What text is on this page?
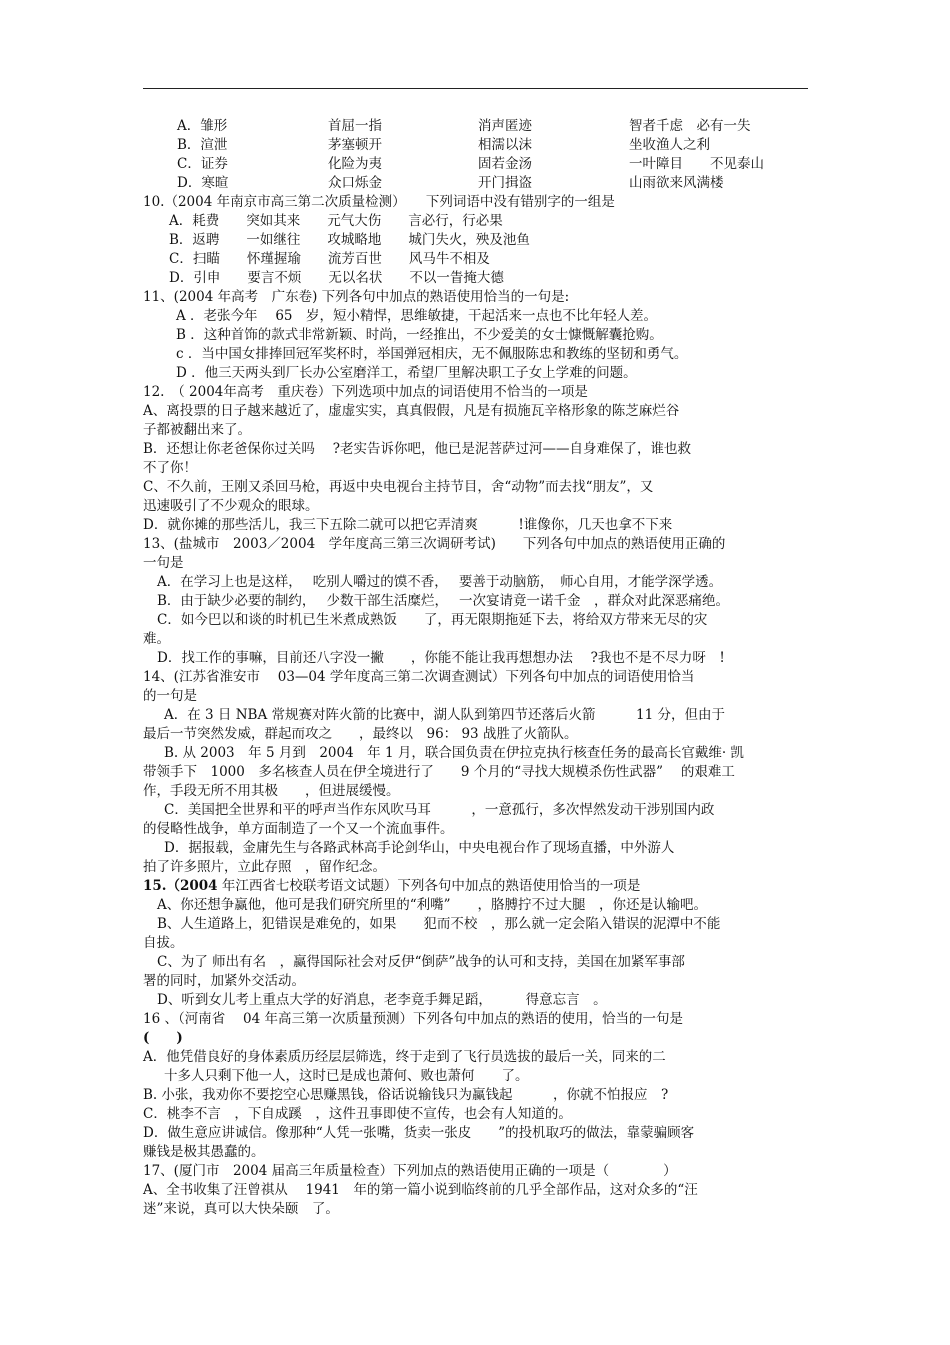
A．雏形	首屈一指	消声匿迹	智者千虑　必有一失
B．渲泄	茅塞顿开	相濡以沫	坐收渔人之利
C．证券	化险为夷	固若金汤	一叶障目　　不见泰山
D．寒暄	众口烁金	开门揖盗	山雨欲来风满楼
10.（2004 年南京市高三第二次质量检测）　　下列词语中没有错别字的一组是
A．耗费　　突如其来　　元气大伤　　言必行，行必果
B．返聘　　一如继往　　攻城略地　　城门失火，殃及池鱼
C．扫瞄　　怀瑾握瑜　　流芳百世　　风马牛不相及
D．引申　　要言不烦　　无以名状　　不以一眚掩大德
11、(2004 年高考　广东卷) 下列各句中加点的熟语使用恰当的一句是:
A ．老张今年　 65　岁，短小精悍，思维敏捷，干起活来一点也不比年轻人差。
B ．这种首饰的款式非常新颖、时尚，一经推出，不少爱美的女士慷慨解囊抢购。
c ．当中国女排捧回冠军奖杯时，举国弹冠相庆，无不佩服陈忠和教练的坚韧和勇气。
D ．他三天两头到厂长办公室磨洋工，希望厂里解决职工子女上学难的问题。
12.　（ 2004年高考　重庆卷）下列选项中加点的词语使用不恰当的一项是
A、离投票的日子越来越近了，虚虚实实，真真假假，凡是有损施瓦辛格形象的陈芝麻烂谷
子都被翻出来了。
B．还想让你老爸保你过关吗　 ?老实告诉你吧，他已是泥菩萨过河——自身难保了，谁也救
不了你！
C、不久前，王刚又杀回马枪，再返中央电视台主持节目，舍“动物”而去找“朋友”，又
迅速吸引了不少观众的眼球。
D．就你摊的那些活儿，我三下五除二就可以把它弄清爽　　　!谁像你，几天也拿不下来
13、(盐城市　2003／2004　学年度高三第三次调研考试)　　下列各句中加点的熟语使用正确的
一句是
A．在学习上也是这样，　 吃别人嚼过的馍不香，　 要善于动脑筋，　师心自用，才能学深学透。
B．由于缺少必要的制约，　 少数干部生活糜烂，　 一次宴请竟一诺千金　，群众对此深恶痛绝。
C．如今巴以和谈的时机已生米煮成熟饭　　了，再无限期拖延下去，将给双方带来无尽的灾
难。
D．找工作的事嘛，目前还八字没一撇　　，你能不能让我再想想办法　 ?我也不是不尽力呀　!
14、(江苏省淮安市　 03—04 学年度高三第二次调查测试）下列各句中加点的词语使用恰当
的一句是
A．在 3 日 NBA 常规赛对阵火箭的比赛中，湖人队到第四节还落后火箭　　　11 分，但由于
最后一节突然发威，群起而攻之　　，最终以　96： 93 战胜了火箭队。
B. 从 2003　年 5 月到　2004　年 1 月，联合国负责在伊拉克执行核查任务的最高长官戴维· 凯
带领手下　1000　多名核查人员在伊全境进行了　　9 个月的“寻找大规模杀伤性武器”　 的艰难工
作，手段无所不用其极　　，但进展缓慢。
C．美国把全世界和平的呼声当作东风吹马耳　　　，一意孤行，多次悍然发动干涉别国内政
的侵略性战争，单方面制造了一个又一个流血事件。
D．据报载，金庸先生与各路武林高手论剑华山，中央电视台作了现场直播，中外游人
拍了许多照片，立此存照　，留作纪念。
15.（2004 年江西省七校联考语文试题）下列各句中加点的熟语使用恰当的一项是
A、你还想争赢他，他可是我们研究所里的“利嘴”　　，胳膊拧不过大腿　，你还是认输吧。
B、人生道路上，犯错误是难免的，如果　　犯而不校　，那么就一定会陷入错误的泥潭中不能
自拔。
C、为了 师出有名　，赢得国际社会对反伊“倒萨”战争的认可和支持，美国在加紧军事部
署的同时，加紧外交活动。
D、听到女儿考上重点大学的好消息，老李竟手舞足蹈，　　　得意忘言　。
16 、（河南省　 04 年高三第一次质量预测）下列各句中加点的熟语的使用，恰当的一句是
(　　)
A．他凭借良好的身体素质历经层层筛选，终于走到了飞行员选拔的最后一关，同来的二
十多人只剩下他一人，这时已是成也萧何、败也萧何　　了。
B. 小张，我劝你不要挖空心思赚黑钱，俗话说输钱只为赢钱起　　　，你就不怕报应　?
C．桃李不言　，下自成蹊　，这件丑事即使不宣传，也会有人知道的。
D．做生意应讲诚信。像那种“人凭一张嘴，货卖一张皮　　”的投机取巧的做法，靠蒙骗顾客
赚钱是极其愚蠢的。
17、(厦门市　2004 届高三年质量检查）下列加点的熟语使用正确的一项是（　　　　）
A、全书收集了汪曾祺从　 1941　年的第一篇小说到临终前的几乎全部作品，这对众多的“汪
迷”来说，真可以大快朵颐　了。
